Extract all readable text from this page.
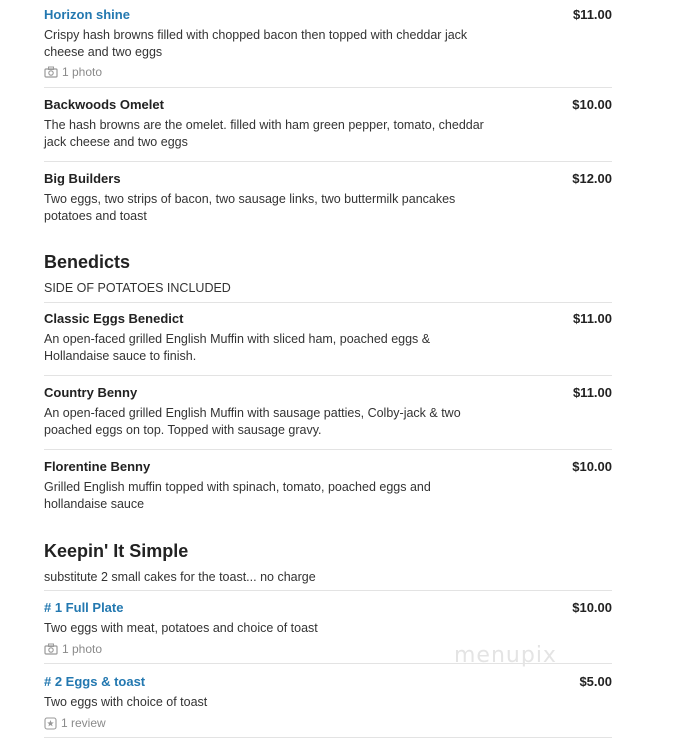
Horizon shine	$11.00
Crispy hash browns filled with chopped bacon then topped with cheddar jack cheese and two eggs
1 photo
Backwoods Omelet	$10.00
The hash browns are the omelet. filled with ham green pepper, tomato, cheddar jack cheese and two eggs
Big Builders	$12.00
Two eggs, two strips of bacon, two sausage links, two buttermilk pancakes potatoes and toast
Benedicts
SIDE OF POTATOES INCLUDED
Classic Eggs Benedict	$11.00
An open-faced grilled English Muffin with sliced ham, poached eggs & Hollandaise sauce to finish.
Country Benny	$11.00
An open-faced grilled English Muffin with sausage patties, Colby-jack & two poached eggs on top. Topped with sausage gravy.
Florentine Benny	$10.00
Grilled English muffin topped with spinach, tomato, poached eggs and hollandaise sauce
Keepin' It Simple
substitute 2 small cakes for the toast... no charge
# 1 Full Plate	$10.00
Two eggs with meat, potatoes and choice of toast
1 photo
# 2 Eggs & toast	$5.00
Two eggs with choice of toast
1 review
menupix
